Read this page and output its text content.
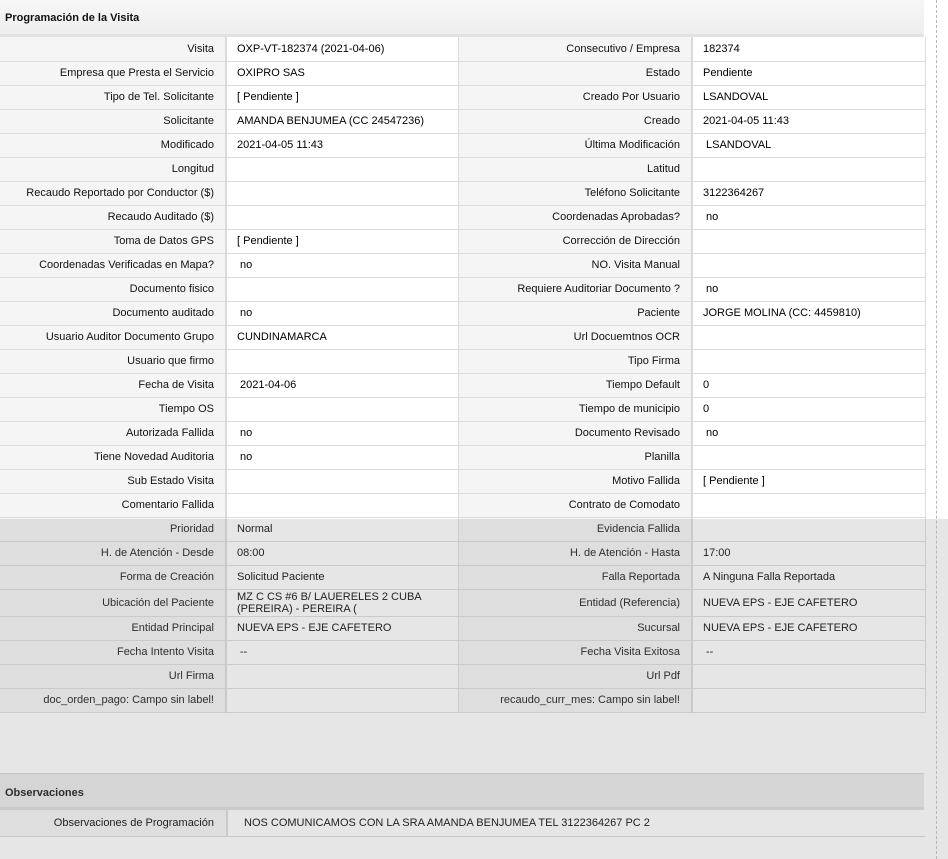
Programación de la Visita
Visita	OXP-VT-182374 (2021-04-06)	Consecutivo / Empresa	182374
Empresa que Presta el Servicio	OXIPRO SAS	Estado	Pendiente
Tipo de Tel. Solicitante	[ Pendiente ]	Creado Por Usuario	LSANDOVAL
Solicitante	AMANDA BENJUMEA (CC 24547236)	Creado	2021-04-05 11:43
Modificado	2021-04-05 11:43	Última Modificación	LSANDOVAL
Longitud		Latitud	
Recaudo Reportado por Conductor ($)		Teléfono Solicitante	3122364267
Recaudo Auditado ($)		Coordenadas Aprobadas?	no
Toma de Datos GPS	[ Pendiente ]	Corrección de Dirección	
Coordenadas Verificadas en Mapa?	no	NO. Visita Manual	
Documento fisico		Requiere Auditoriar Documento ?	no
Documento auditado	no	Paciente	JORGE MOLINA (CC: 4459810)
Usuario Auditor Documento Grupo	CUNDINAMARCA	Url Docuemtnos OCR	
Usuario que firmo		Tipo Firma	
Fecha de Visita	2021-04-06	Tiempo Default	0
Tiempo OS		Tiempo de municipio	0
Autorizada Fallida	no	Documento Revisado	no
Tiene Novedad Auditoria	no	Planilla	
Sub Estado Visita		Motivo Fallida	[ Pendiente ]
Comentario Fallida		Contrato de Comodato	
Prioridad	Normal	Evidencia Fallida	
H. de Atención - Desde	08:00	H. de Atención - Hasta	17:00
Forma de Creación	Solicitud Paciente	Falla Reportada	A Ninguna Falla Reportada
Ubicación del Paciente	MZ C CS #6 B/ LAUERELES 2 CUBA (PEREIRA) - PEREIRA (	Entidad (Referencia)	NUEVA EPS - EJE CAFETERO
Entidad Principal	NUEVA EPS - EJE CAFETERO	Sucursal	NUEVA EPS - EJE CAFETERO
Fecha Intento Visita	--	Fecha Visita Exitosa	--
Url Firma		Url Pdf	
doc_orden_pago: Campo sin label!		recaudo_curr_mes: Campo sin label!	
Observaciones
Observaciones de Programación	NOS COMUNICAMOS CON LA SRA AMANDA BENJUMEA TEL 3122364267 PC 2
